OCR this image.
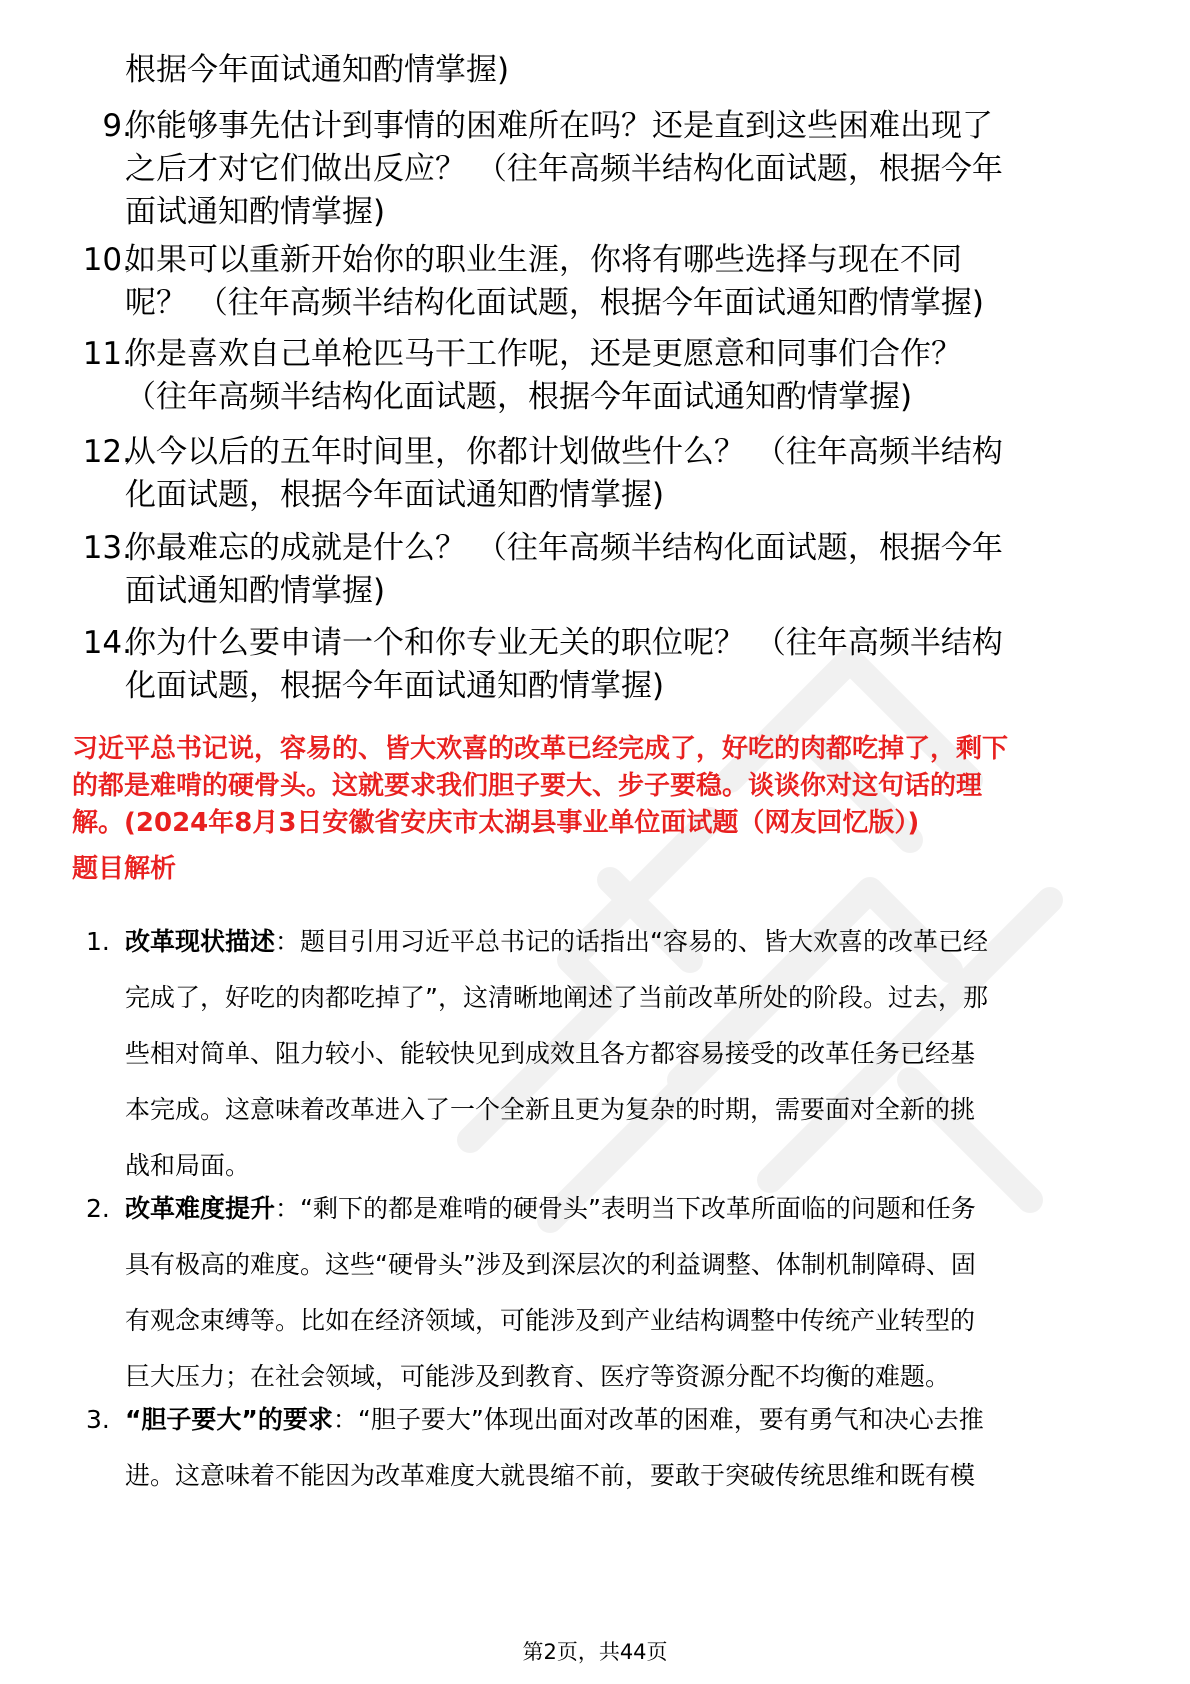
根据今年面试通知酌情掌握)
9.
你能够事先估计到事情的困难所在吗？还是直到这些困难出现了
之后才对它们做出反应？ （往年高频半结构化面试题，根据今年
面试通知酌情掌握)
10.
如果可以重新开始你的职业生涯，你将有哪些选择与现在不同
呢？ （往年高频半结构化面试题，根据今年面试通知酌情掌握)
11.
你是喜欢自己单枪匹马干工作呢，还是更愿意和同事们合作？
（往年高频半结构化面试题，根据今年面试通知酌情掌握)
12.
从今以后的五年时间里，你都计划做些什么？ （往年高频半结构
化面试题，根据今年面试通知酌情掌握)
13.
你最难忘的成就是什么？ （往年高频半结构化面试题，根据今年
面试通知酌情掌握)
14.
你为什么要申请一个和你专业无关的职位呢？ （往年高频半结构
化面试题，根据今年面试通知酌情掌握)
习近平总书记说，容易的、皆大欢喜的改革已经完成了，好吃的肉都吃掉了，剩下
的都是难啃的硬骨头。这就要求我们胆子要大、步子要稳。谈谈你对这句话的理
解。(2024年8月3日安徽省安庆市太湖县事业单位面试题（网友回忆版）)
题目解析
1. 改革现状描述：题目引用习近平总书记的话指出“容易的、皆大欢喜的改革已经
完成了，好吃的肉都吃掉了”，这清晰地阐述了当前改革所处的阶段。过去，那
些相对简单、阻力较小、能较快见到成效且各方都容易接受的改革任务已经基
本完成。这意味着改革进入了一个全新且更为复杂的时期，需要面对全新的挑
战和局面。
2. 改革难度提升：“剩下的都是难啃的硬骨头”表明当下改革所面临的问题和任务
具有极高的难度。这些“硬骨头”涉及到深层次的利益调整、体制机制障碍、固
有观念束缚等。比如在经济领域，可能涉及到产业结构调整中传统产业转型的
巨大压力；在社会领域，可能涉及到教育、医疗等资源分配不均衡的难题。
3. “胆子要大”的要求：“胆子要大”体现出面对改革的困难，要有勇气和决心去推
进。这意味着不能因为改革难度大就畏缩不前，要敢于突破传统思维和既有模
第2页，共44页
